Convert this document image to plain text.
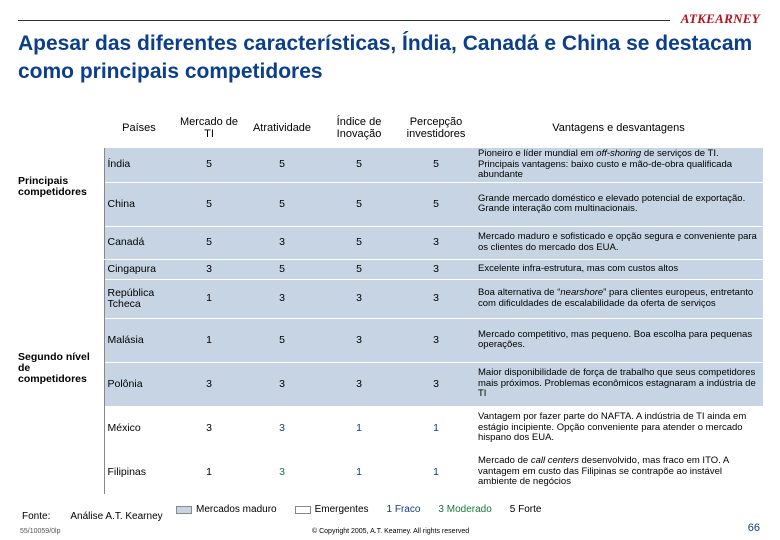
ATKEARNEY
Apesar das diferentes características, Índia, Canadá e China se destacam como principais competidores
	Países	Mercado de TI	Atratividade	Índice de Inovação	Percepção investidores	Vantagens e desvantagens
Principais competidores	Índia	5	5	5	5	Pioneiro e líder mundial em off-shoring de serviços de TI. Principais vantagens: baixo custo e mão-de-obra qualificada abundante
	China	5	5	5	5	Grande mercado doméstico e elevado potencial de exportação. Grande interação com multinacionais.
	Canadá	5	3	5	3	Mercado maduro e sofisticado e opção segura e conveniente para os clientes do mercado dos EUA.
Segundo nível de competidores	Cingapura	3	5	5	3	Excelente infra-estrutura, mas com custos altos
	República Tcheca	1	3	3	3	Boa alternativa de “nearshore” para clientes europeus, entretanto com dificuldades de escalabilidade da oferta de serviços
	Malásia	1	5	3	3	Mercado competitivo, mas pequeno. Boa escolha para pequenas operações.
	Polônia	3	3	3	3	Maior disponibilidade de força de trabalho que seus competidores mais próximos. Problemas econômicos estagnaram a indústria de TI
	México	3	3	1	1	Vantagem por fazer parte do NAFTA. A indústria de TI ainda em estágio incipiente. Opção conveniente para atender o mercado hispano dos EUA.
	Filipinas	1	3	1	1	Mercado de call centers desenvolvido, mas fraco em ITO. A vantagem em custo das Filipinas se contrapõe ao instável ambiente de negócios
Mercados maduro	Emergentes 1 Fraco 3 Moderado 5 Forte
Fonte: Análise A.T. Kearney
55/10059/0lp	© Copyright 2005, A.T. Kearney. All rights reserved	66
